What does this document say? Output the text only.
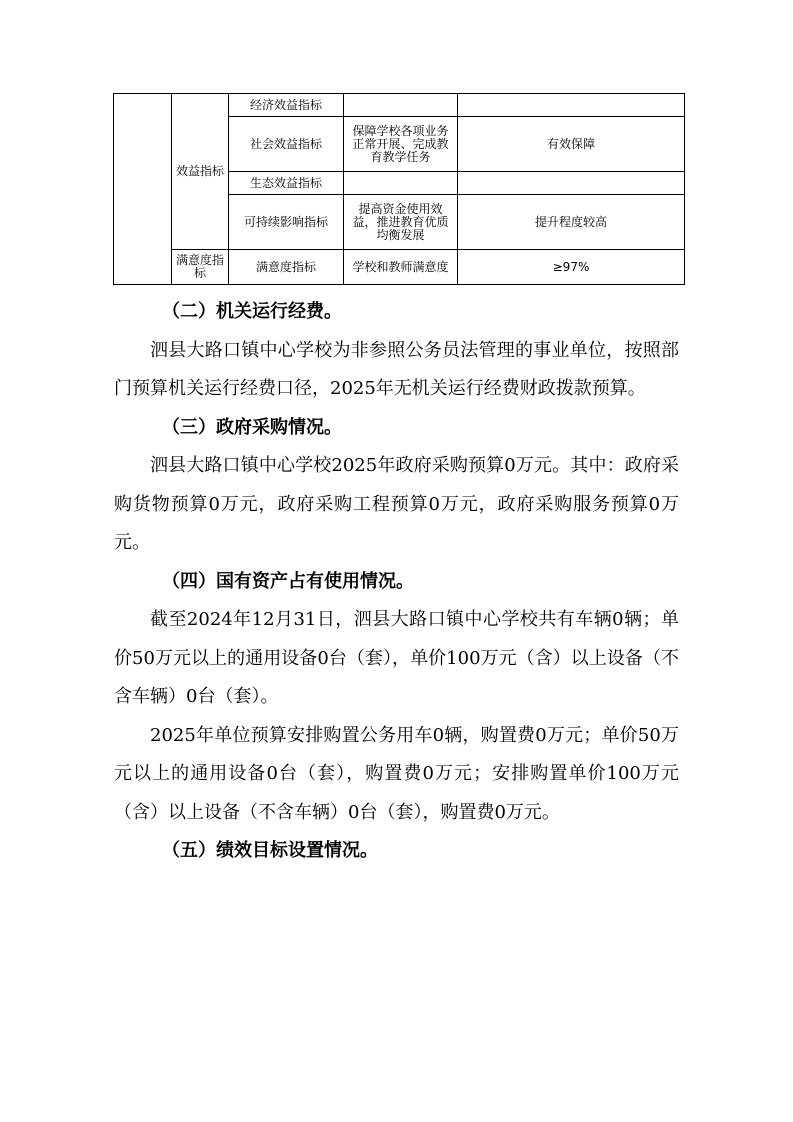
	效益指标	经济效益指标		
		社会效益指标	保障学校各项业务正常开展、完成教育教学任务	有效保障
		生态效益指标		
		可持续影响指标	提高资金使用效益，推进教育优质均衡发展	提升程度较高
	满意度指标	满意度指标	学校和教师满意度	≥97%
（二）机关运行经费。

泗县大路口镇中心学校为非参照公务员法管理的事业单位，按照部门预算机关运行经费口径，2025年无机关运行经费财政拨款预算。

（三）政府采购情况。

泗县大路口镇中心学校2025年政府采购预算0万元。其中：政府采购货物预算0万元，政府采购工程预算0万元，政府采购服务预算0万元。

（四）国有资产占有使用情况。

截至2024年12月31日，泗县大路口镇中心学校共有车辆0辆；单价50万元以上的通用设备0台（套），单价100万元（含）以上设备（不含车辆）0台（套）。

2025年单位预算安排购置公务用车0辆，购置费0万元；单价50万元以上的通用设备0台（套），购置费0万元；安排购置单价100万元（含）以上设备（不含车辆）0台（套），购置费0万元。

（五）绩效目标设置情况。
